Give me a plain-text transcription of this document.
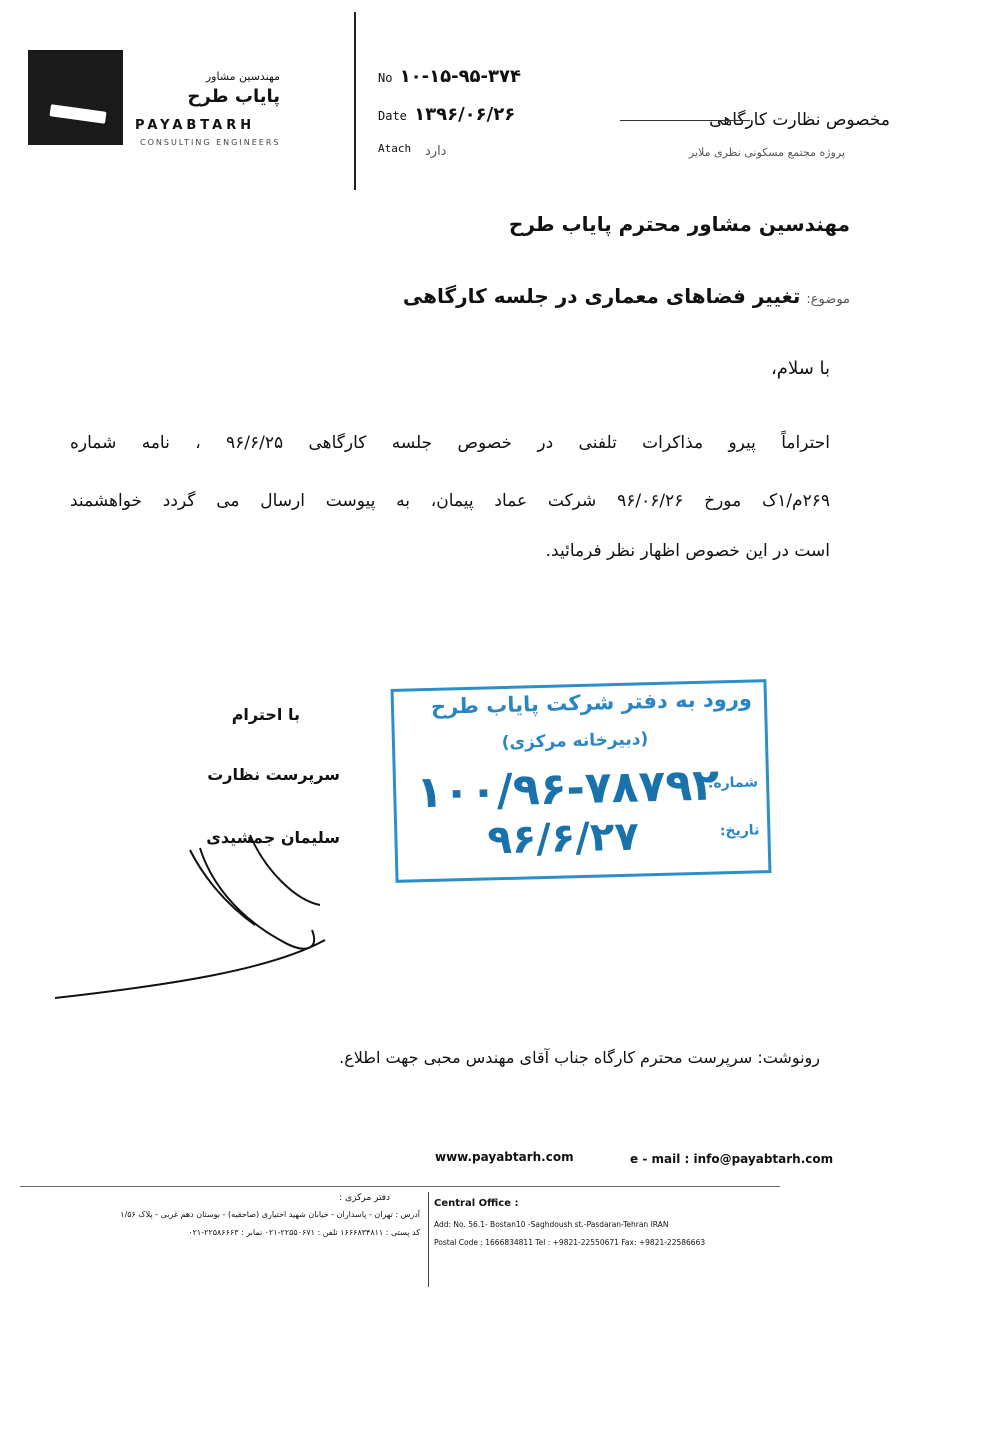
مهندسین مشاور
پایاب طرح
PAYABTARH
CONSULTING ENGINEERS
No ۱۰-۱۵-۹۵-۳۷۴
Date ۱۳۹۶/۰۶/۲۶
Atach دارد
مخصوص نظارت کارگاهی
پروژه مجتمع مسکونی نظری ملایر
مهندسین مشاور محترم پایاب طرح
موضوع:تغییر فضاهای معماری در جلسه کارگاهی
با سلام،
احتراماً پیرو مذاکرات تلفنی در خصوص جلسه کارگاهی ۹۶/۶/۲۵ ، نامه شماره
۲۶۹م/۱ک مورخ ۹۶/۰۶/۲۶ شرکت عماد پیمان، به پیوست ارسال می گردد خواهشمند
است در این خصوص اظهار نظر فرمائید.
با احترام
سرپرست نظارت
سلیمان جمشیدی
ورود به دفتر شرکت پایاب طرح
(دبیرخانه مرکزی)
شماره:
۱۰۰/۹۶-۷۸۷۹۲
تاریخ:
۹۶/۶/۲۷
رونوشت: سرپرست محترم کارگاه جناب آقای مهندس محبی جهت اطلاع.
www.payabtarh.com	e - mail : info@payabtarh.com
دفتر مرکزی :
آدرس : تهران - پاسداران - خیابان شهید اختیاری (صاحقیه) - بوستان دهم غربی - پلاک ۱/۵۶
کد پستی : ۱۶۶۶۸۳۴۸۱۱ تلفن : ۲۲۵۵۰۶۷۱-۰۲۱ نمابر : ۲۲۵۸۶۶۶۳-۰۲۱
Central Office :
Add: No. 56.1- Bostan10 -Saghdoush st.-Pasdaran-Tehran IRAN
Postal Code : 1666834811 Tel : +9821-22550671 Fax: +9821-22586663
